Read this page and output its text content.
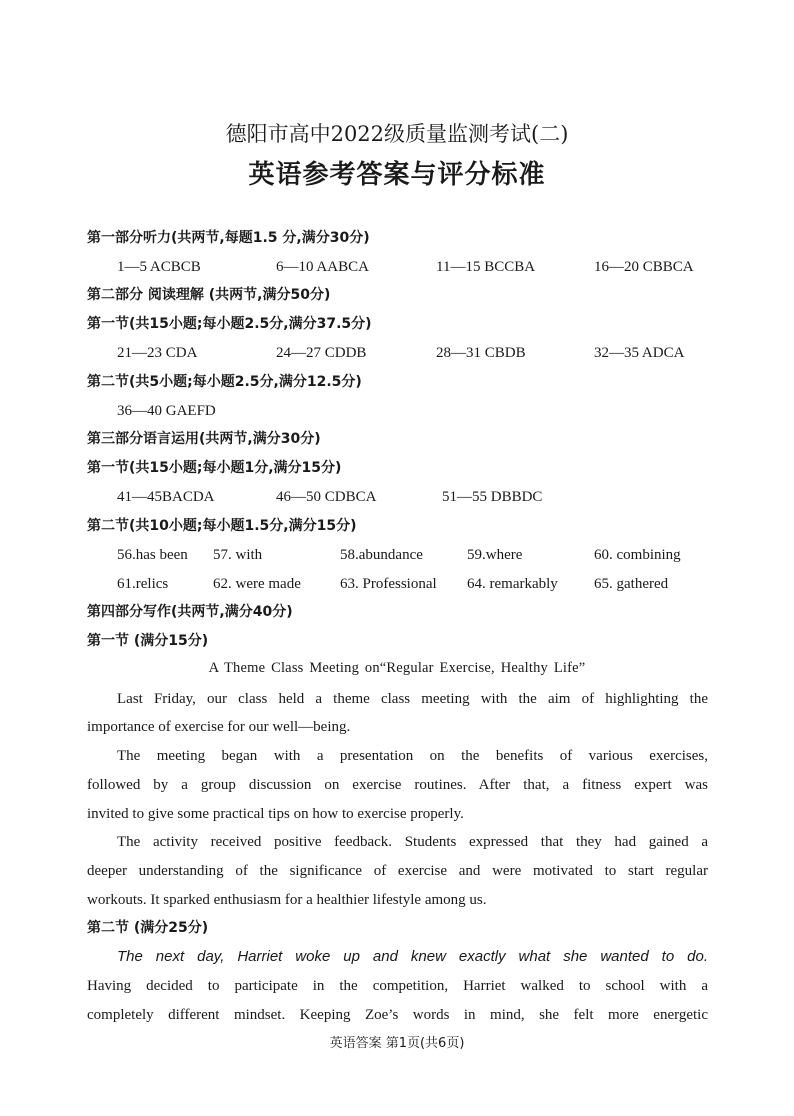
德阳市高中2022级质量监测考试(二)
英语参考答案与评分标准
第一部分听力(共两节,每题1.5 分,满分30分)
1—5 ACBCB	6—10 AABCA	11—15 BCCBA	16—20 CBBCA
第二部分 阅读理解 (共两节,满分50分)
第一节(共15小题;每小题2.5分,满分37.5分)
21—23 CDA	24—27 CDDB	28—31 CBDB	32—35 ADCA
第二节(共5小题;每小题2.5分,满分12.5分)
36—40 GAEFD
第三部分语言运用(共两节,满分30分)
第一节(共15小题;每小题1分,满分15分)
41—45BACDA	46—50 CDBCA	51—55 DBBDC
第二节(共10小题;每小题1.5分,满分15分)
56.has been 57. with	58.abundance	59.where	60. combining
61.relics	62. were made	63. Professional 64. remarkably 65. gathered
第四部分写作(共两节,满分40分)
第一节 (满分15分)
A Theme Class Meeting on“Regular Exercise, Healthy Life”
Last Friday, our class held a theme class meeting with the aim of highlighting the
importance of exercise for our well—being.
The meeting began with a presentation on the benefits of various exercises,
followed by a group discussion on exercise routines. After that, a fitness expert was
invited to give some practical tips on how to exercise properly.
The activity received positive feedback. Students expressed that they had gained a
deeper understanding of the significance of exercise and were motivated to start regular
workouts. It sparked enthusiasm for a healthier lifestyle among us.
第二节 (满分25分)
The next day, Harriet woke up and knew exactly what she wanted to do.
Having decided to participate in the competition, Harriet walked to school with a
completely different mindset. Keeping Zoe’s words in mind, she felt more energetic
英语答案 第1页(共6页)
